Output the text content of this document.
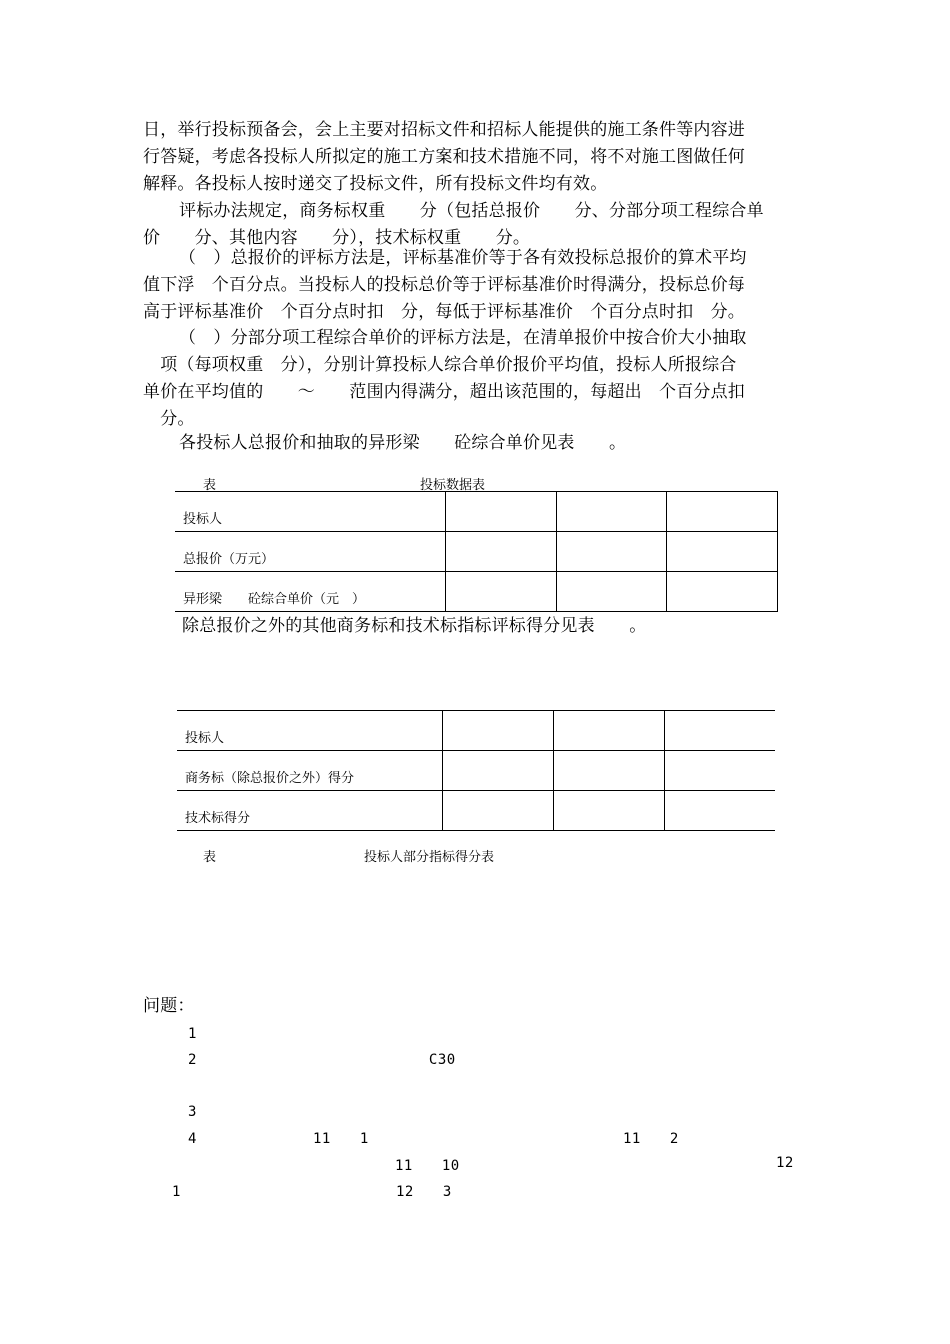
日，举行投标预备会，会上主要对招标文件和招标人能提供的施工条件等内容进
行答疑，考虑各投标人所拟定的施工方案和技术措施不同，将不对施工图做任何
解释。各投标人按时递交了投标文件，所有投标文件均有效。
评标办法规定，商务标权重　　分（包括总报价　　分、分部分项工程综合单
价　　分、其他内容　　分），技术标权重　　分。
（　）总报价的评标方法是，评标基准价等于各有效投标总报价的算术平均
值下浮　个百分点。当投标人的投标总价等于评标基准价时得满分，投标总价每
高于评标基准价　个百分点时扣　分，每低于评标基准价　个百分点时扣　分。
（　）分部分项工程综合单价的评标方法是，在清单报价中按合价大小抽取
　项（每项权重　分），分别计算投标人综合单价报价平均值，投标人所报综合
单价在平均值的　　～　　范围内得满分，超出该范围的，每超出　个百分点扣
　分。
各投标人总报价和抽取的异形梁　　砼综合单价见表　　。
表	投标数据表
投标人			
总报价（万元）			
异形梁　　砼综合单价（元　）			
除总报价之外的其他商务标和技术标指标评标得分见表　　。
投标人			
商务标（除总报价之外）得分			
技术标得分			
表	投标人部分指标得分表
问题：
1　　　　　　　　　　　　　　　　　　　　　　　　　　　　　
2　　　　　　　　　　　　　　　　C30　　　　　　　　　　　　　　　　　　

3　　　　　　　　　　　　　　　　　　　　　　　　　　　　　　　
4　　　　　　 11　　1　　　　　　　　　　　　　　	11　　2　　　　　　

11　　10　　　　　　　　　　　　　　　　　	12
　　1　　　　　　　　　　　	12　　3　　　　　　　　　　　　　　　　　　　　
